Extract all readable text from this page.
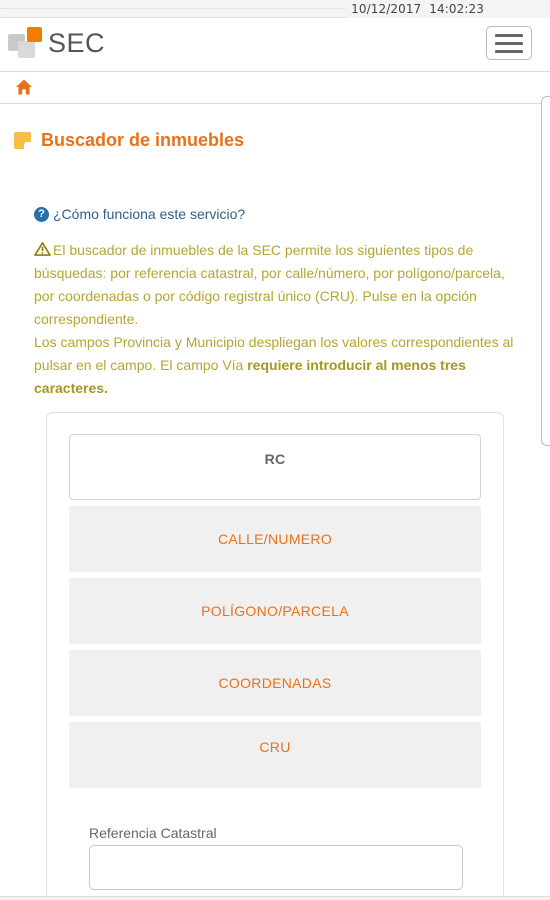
10/12/2017 14:02:23
SEC
Buscador de inmuebles
? ¿Cómo funciona este servicio?
El buscador de inmuebles de la SEC permite los siguientes tipos de búsquedas: por referencia catastral, por calle/número, por polígono/parcela, por coordenadas o por código registral único (CRU). Pulse en la opción correspondiente.
Los campos Provincia y Municipio despliegan los valores correspondientes al pulsar en el campo. El campo Vía requiere introducir al menos tres caracteres.
RC
CALLE/NUMERO
POLÍGONO/PARCELA
COORDENADAS
CRU
Referencia Catastral
